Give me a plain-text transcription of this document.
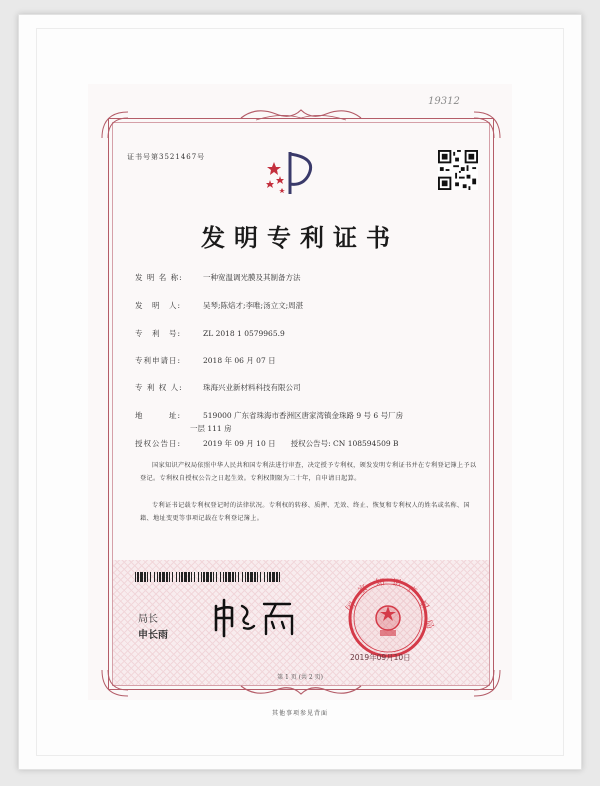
19312
证书号第3521467号
发明专利证书
发 明 名 称:	一种宽温调光膜及其制备方法
发　明　人:	吴琴;陈焙才;李唯;汤立文;周湛
专　利　号:	ZL 2018 1 0579965.9
专利申请日:	2018 年 06 月 07 日
专 利 权 人:	珠海兴业新材料科技有限公司
地　　　址:	519000 广东省珠海市香洲区唐家湾镇金珠路 9 号 6 号厂房
一层 111 房
授权公告日:	2019 年 09 月 10 日　　授权公告号: CN 108594509 B
国家知识产权局依照中华人民共和国专利法进行审查，决定授予专利权，颁发发明专利证书并在专利登记簿上予以登记。专利权自授权公告之日起生效。专利权期限为二十年，自申请日起算。
专利证书记载专利权登记时的法律状况。专利权的转移、质押、无效、终止、恢复和专利权人的姓名或名称、国籍、地址变更等事项记载在专利登记簿上。
局长
申长雨
国
家
知 识
产
权
局
2019年09月10日
第 1 页 (共 2 页)
其他事项参见背面
